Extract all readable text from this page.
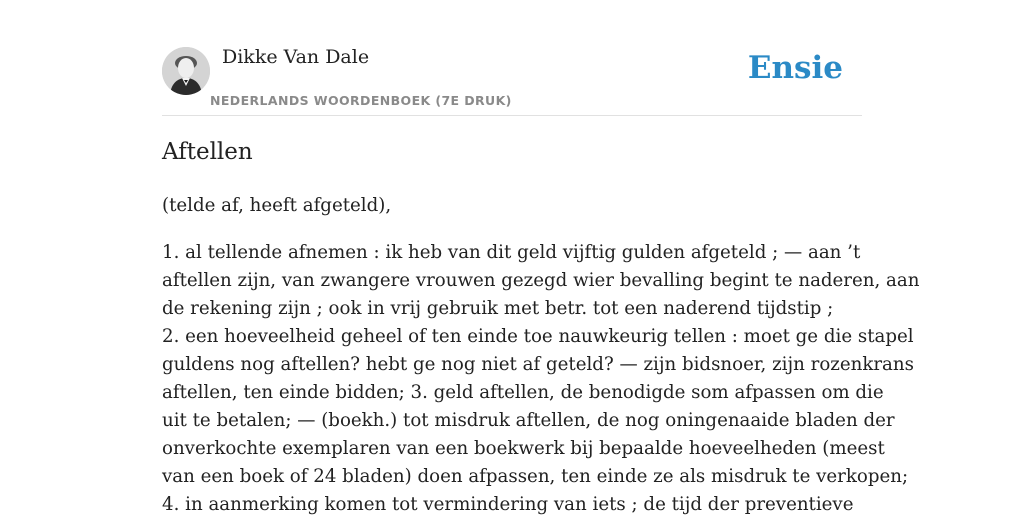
Dikke Van Dale
NEDERLANDS WOORDENBOEK (7E DRUK)
Ensie
Aftellen

(telde af, heeft afgeteld),

1. al tellende afnemen : ik heb van dit geld vijftig gulden afgeteld ; — aan ’t
aftellen zijn, van zwangere vrouwen gezegd wier bevalling begint te naderen, aan
de rekening zijn ; ook in vrij gebruik met betr. tot een naderend tijdstip ;
2. een hoeveelheid geheel of ten einde toe nauwkeurig tellen : moet ge die stapel
guldens nog aftellen? hebt ge nog niet af geteld? — zijn bidsnoer, zijn rozenkrans
aftellen, ten einde bidden; 3. geld aftellen, de benodigde som afpassen om die
uit te betalen; — (boekh.) tot misdruk aftellen, de nog oningenaaide bladen der
onverkochte exemplaren van een boekwerk bij bepaalde hoeveelheden (meest
van een boek of 24 bladen) doen afpassen, ten einde ze als misdruk te verkopen;
4. in aanmerking komen tot vermindering van iets ; de tijd der preventieve
